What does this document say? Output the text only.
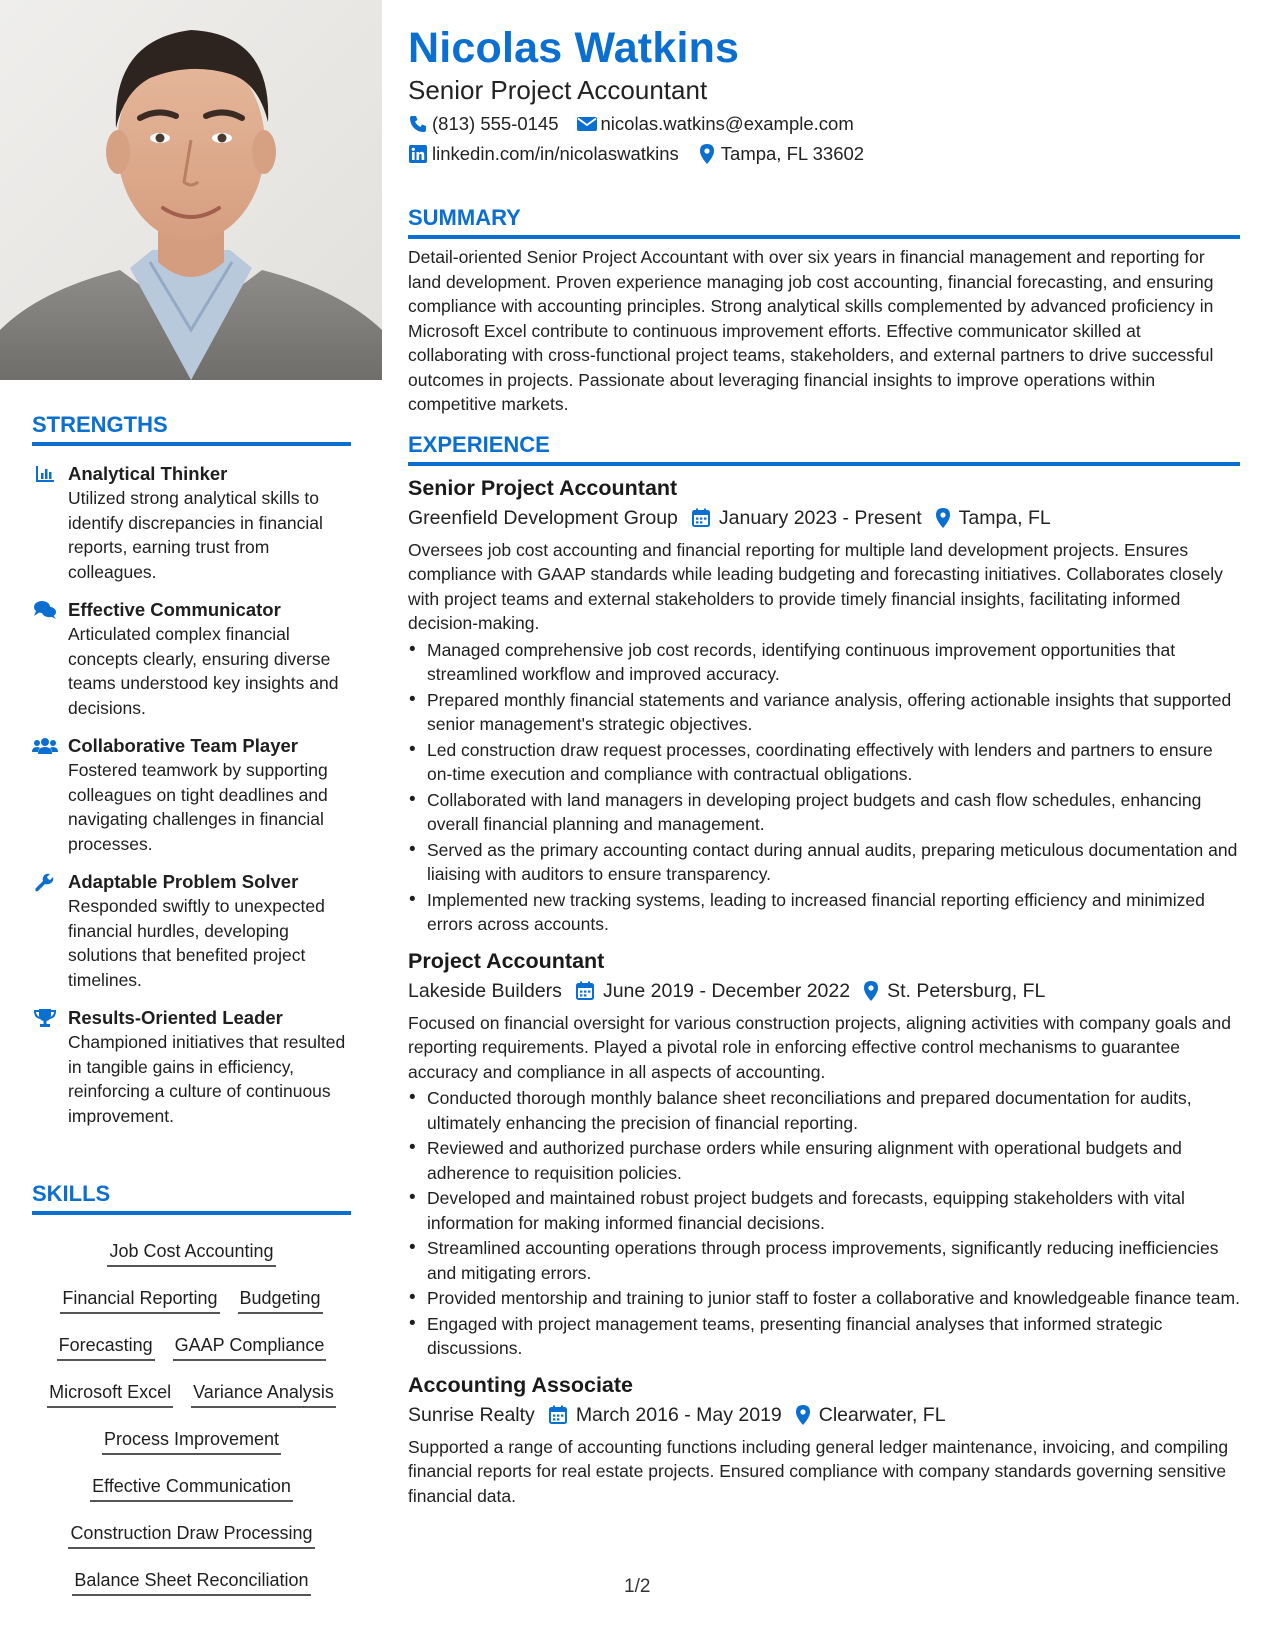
STRENGTHS
Analytical Thinker
Utilized strong analytical skills to identify discrepancies in financial reports, earning trust from colleagues.
Effective Communicator
Articulated complex financial concepts clearly, ensuring diverse teams understood key insights and decisions.
Collaborative Team Player
Fostered teamwork by supporting colleagues on tight deadlines and navigating challenges in financial processes.
Adaptable Problem Solver
Responded swiftly to unexpected financial hurdles, developing solutions that benefited project timelines.
Results-Oriented Leader
Championed initiatives that resulted in tangible gains in efficiency, reinforcing a culture of continuous improvement.
SKILLS
Job Cost Accounting
Financial Reporting Budgeting
Forecasting GAAP Compliance
Microsoft Excel Variance Analysis
Process Improvement
Effective Communication
Construction Draw Processing
Balance Sheet Reconciliation
Nicolas Watkins
Senior Project Accountant
(813) 555-0145 nicolas.watkins@example.com
linkedin.com/in/nicolaswatkins Tampa, FL 33602
SUMMARY
Detail-oriented Senior Project Accountant with over six years in financial management and reporting for land development. Proven experience managing job cost accounting, financial forecasting, and ensuring compliance with accounting principles. Strong analytical skills complemented by advanced proficiency in Microsoft Excel contribute to continuous improvement efforts. Effective communicator skilled at collaborating with cross-functional project teams, stakeholders, and external partners to drive successful outcomes in projects. Passionate about leveraging financial insights to improve operations within competitive markets.
EXPERIENCE
Senior Project Accountant
Greenfield Development Group January 2023 - Present Tampa, FL
Oversees job cost accounting and financial reporting for multiple land development projects. Ensures compliance with GAAP standards while leading budgeting and forecasting initiatives. Collaborates closely with project teams and external stakeholders to provide timely financial insights, facilitating informed decision-making.
• Managed comprehensive job cost records, identifying continuous improvement opportunities that streamlined workflow and improved accuracy.
• Prepared monthly financial statements and variance analysis, offering actionable insights that supported senior management's strategic objectives.
• Led construction draw request processes, coordinating effectively with lenders and partners to ensure on-time execution and compliance with contractual obligations.
• Collaborated with land managers in developing project budgets and cash flow schedules, enhancing overall financial planning and management.
• Served as the primary accounting contact during annual audits, preparing meticulous documentation and liaising with auditors to ensure transparency.
• Implemented new tracking systems, leading to increased financial reporting efficiency and minimized errors across accounts.
Project Accountant
Lakeside Builders June 2019 - December 2022 St. Petersburg, FL
Focused on financial oversight for various construction projects, aligning activities with company goals and reporting requirements. Played a pivotal role in enforcing effective control mechanisms to guarantee accuracy and compliance in all aspects of accounting.
• Conducted thorough monthly balance sheet reconciliations and prepared documentation for audits, ultimately enhancing the precision of financial reporting.
• Reviewed and authorized purchase orders while ensuring alignment with operational budgets and adherence to requisition policies.
• Developed and maintained robust project budgets and forecasts, equipping stakeholders with vital information for making informed financial decisions.
• Streamlined accounting operations through process improvements, significantly reducing inefficiencies and mitigating errors.
• Provided mentorship and training to junior staff to foster a collaborative and knowledgeable finance team.
• Engaged with project management teams, presenting financial analyses that informed strategic discussions.
Accounting Associate
Sunrise Realty March 2016 - May 2019 Clearwater, FL
Supported a range of accounting functions including general ledger maintenance, invoicing, and compiling financial reports for real estate projects. Ensured compliance with company standards governing sensitive financial data.
1/2
